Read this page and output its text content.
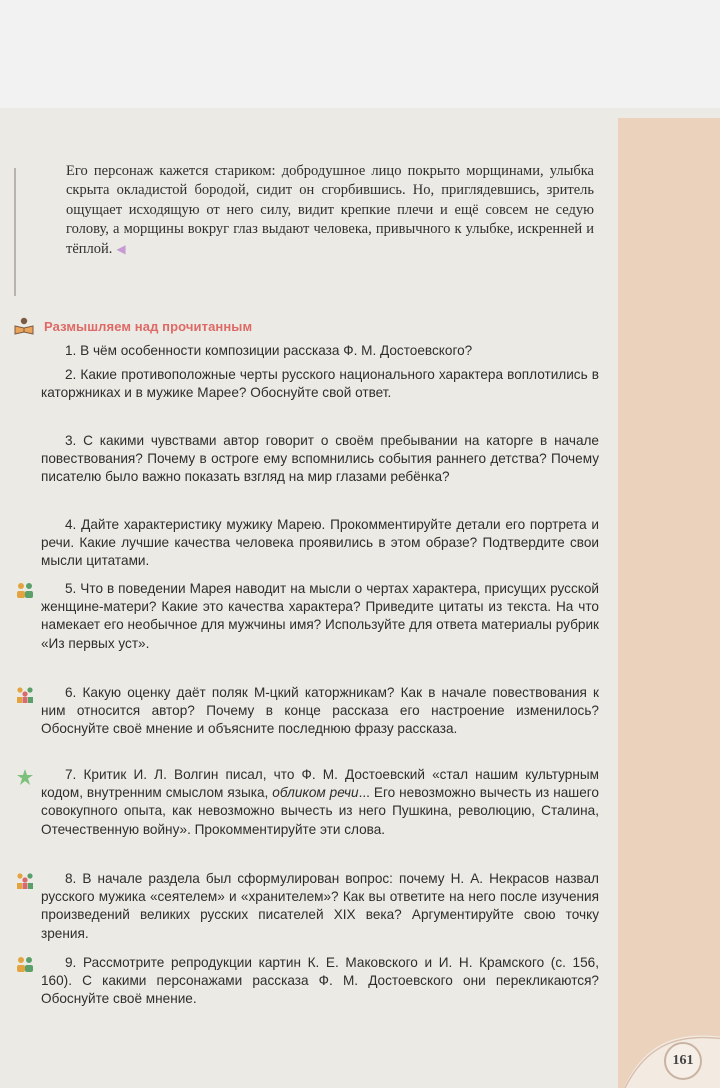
161
Его персонаж кажется стариком: добродушное лицо покрыто морщинами, улыбка скрыта окладистой бородой, сидит он сгорбившись. Но, приглядевшись, зритель ощущает исходящую от него силу, видит крепкие плечи и ещё совсем не седую голову, а морщины вокруг глаз выдают человека, привычного к улыбке, искренней и тёплой. ◀
Размышляем над прочитанным
1. В чём особенности композиции рассказа Ф. М. Достоевского?
2. Какие противоположные черты русского национального характера воплотились в каторжниках и в мужике Марее? Обоснуйте свой ответ.
3. С какими чувствами автор говорит о своём пребывании на каторге в начале повествования? Почему в остроге ему вспомнились события раннего детства? Почему писателю было важно показать взгляд на мир глазами ребёнка?
4. Дайте характеристику мужику Марею. Прокомментируйте детали его портрета и речи. Какие лучшие качества человека проявились в этом образе? Подтвердите свои мысли цитатами.
5. Что в поведении Марея наводит на мысли о чертах характера, присущих русской женщине-матери? Какие это качества характера? Приведите цитаты из текста. На что намекает его необычное для мужчины имя? Используйте для ответа материалы рубрик «Из первых уст».
6. Какую оценку даёт поляк М-цкий каторжникам? Как в начале повествования к ним относится автор? Почему в конце рассказа его настроение изменилось? Обоснуйте своё мнение и объясните последнюю фразу рассказа.
7. Критик И. Л. Волгин писал, что Ф. М. Достоевский «стал нашим культурным кодом, внутренним смыслом языка, обликом речи... Его невозможно вычесть из нашего совокупного опыта, как невозможно вычесть из него Пушкина, революцию, Сталина, Отечественную войну». Прокомментируйте эти слова.
8. В начале раздела был сформулирован вопрос: почему Н. А. Некрасов назвал русского мужика «сеятелем» и «хранителем»? Как вы ответите на него после изучения произведений великих русских писателей XIX века? Аргументируйте свою точку зрения.
9. Рассмотрите репродукции картин К. Е. Маковского и И. Н. Крамского (с. 156, 160). С какими персонажами рассказа Ф. М. Достоевского они перекликаются? Обоснуйте своё мнение.
